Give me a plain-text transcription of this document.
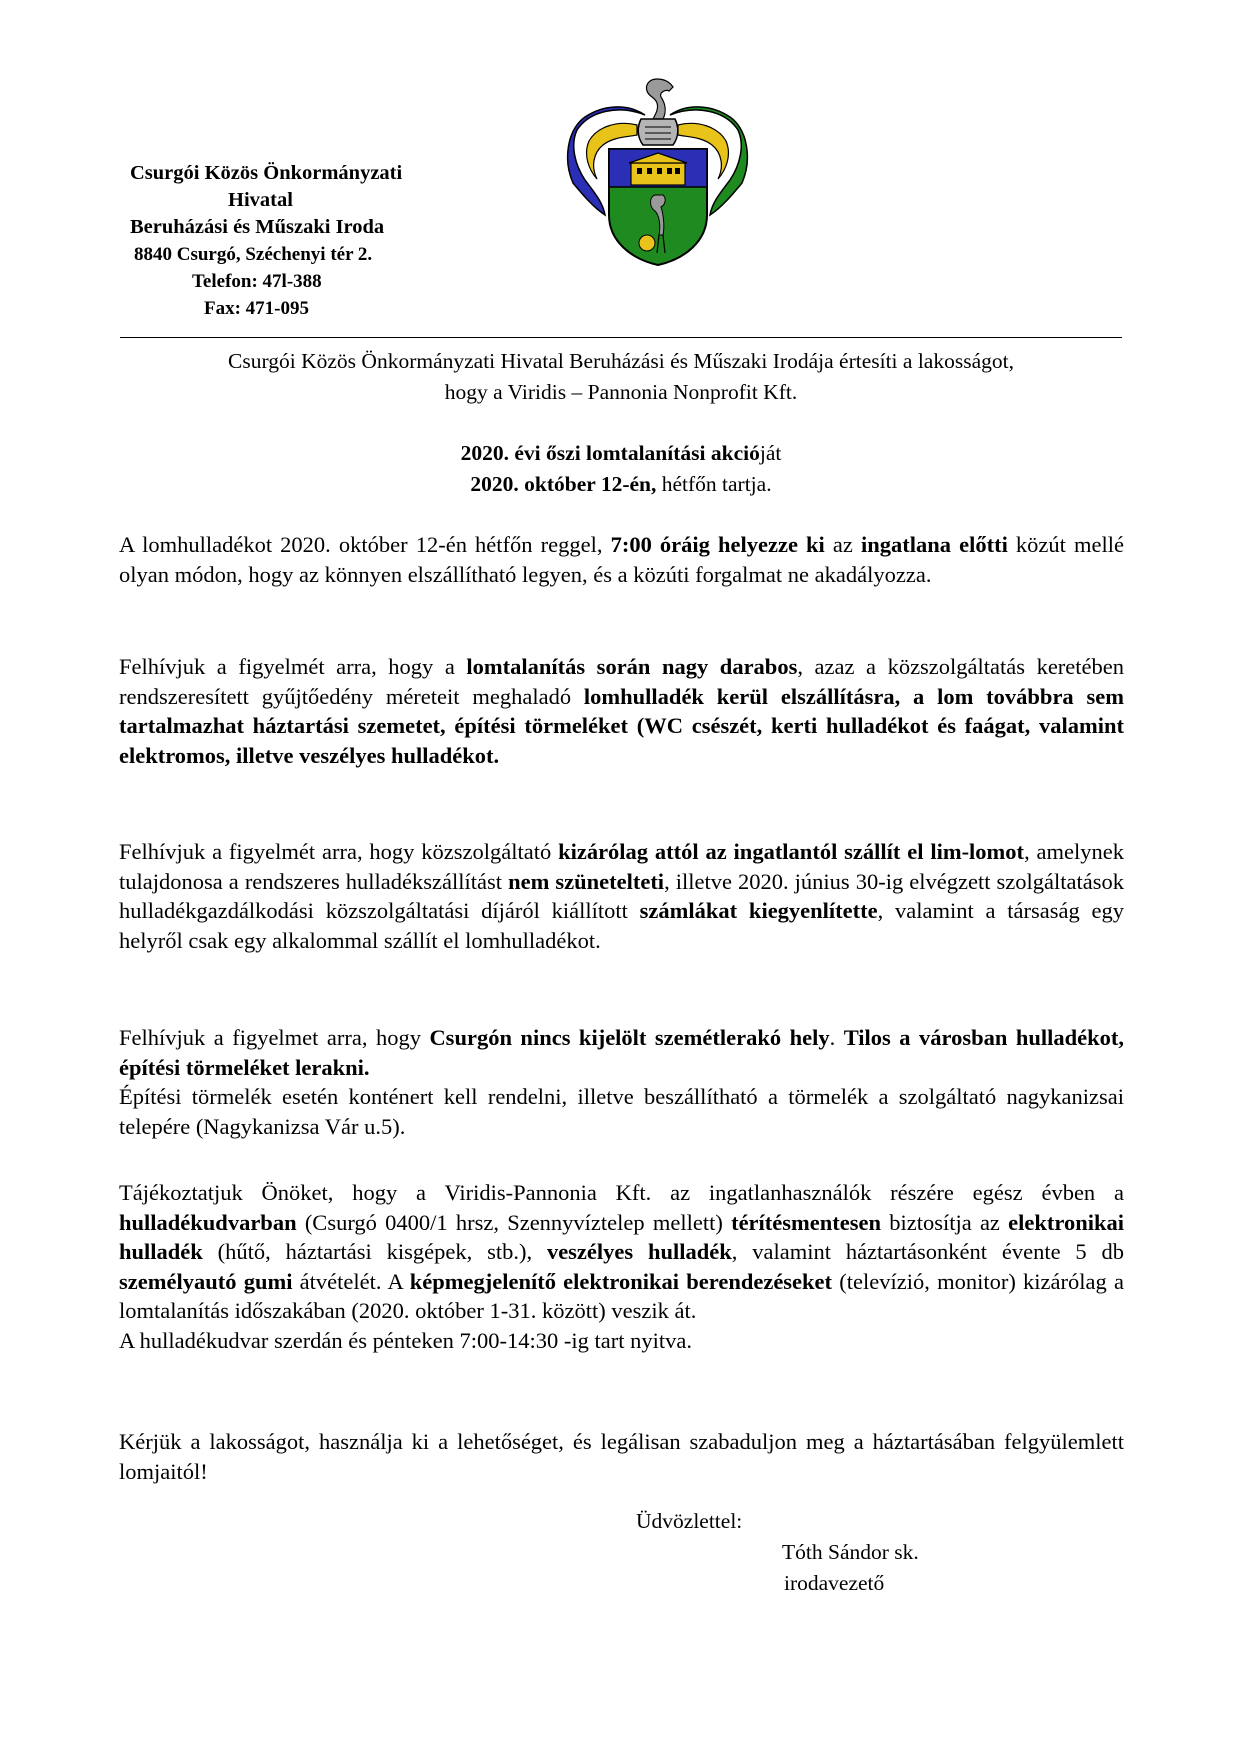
Csurgói Közös Önkormányzati
Hivatal
Beruházási és Műszaki Iroda
8840 Csurgó, Széchenyi tér 2.
Telefon: 47l-388
Fax: 471-095
Csurgói Közös Önkormányzati Hivatal Beruházási és Műszaki Irodája értesíti a lakosságot,
hogy a Viridis – Pannonia Nonprofit Kft.
2020. évi őszi lomtalanítási akcióját
2020. október 12-én, hétfőn tartja.
A lomhulladékot 2020. október 12-én hétfőn reggel, 7:00 óráig helyezze ki az ingatlana előtti közút mellé olyan módon, hogy az könnyen elszállítható legyen, és a közúti forgalmat ne akadályozza.
Felhívjuk a figyelmét arra, hogy a lomtalanítás során nagy darabos, azaz a közszolgáltatás keretében rendszeresített gyűjtőedény méreteit meghaladó lomhulladék kerül elszállításra, a lom továbbra sem tartalmazhat háztartási szemetet, építési törmeléket (WC csészét, kerti hulladékot és faágat, valamint elektromos, illetve veszélyes hulladékot.
Felhívjuk a figyelmét arra, hogy közszolgáltató kizárólag attól az ingatlantól szállít el lim-lomot, amelynek tulajdonosa a rendszeres hulladékszállítást nem szünetelteti, illetve 2020. június 30-ig elvégzett szolgáltatások hulladékgazdálkodási közszolgáltatási díjáról kiállított számlákat kiegyenlítette, valamint a társaság egy helyről csak egy alkalommal szállít el lomhulladékot.
Felhívjuk a figyelmet arra, hogy Csurgón nincs kijelölt szemétlerakó hely. Tilos a városban hulladékot, építési törmeléket lerakni.
Építési törmelék esetén konténert kell rendelni, illetve beszállítható a törmelék a szolgáltató nagykanizsai telepére (Nagykanizsa Vár u.5).
Tájékoztatjuk Önöket, hogy a Viridis-Pannonia Kft. az ingatlanhasználók részére egész évben a hulladékudvarban (Csurgó 0400/1 hrsz, Szennyvíztelep mellett) térítésmentesen biztosítja az elektronikai hulladék (hűtő, háztartási kisgépek, stb.), veszélyes hulladék, valamint háztartásonként évente 5 db személyautó gumi átvételét. A képmegjelenítő elektronikai berendezéseket (televízió, monitor) kizárólag a lomtalanítás időszakában (2020. október 1-31. között) veszik át.
A hulladékudvar szerdán és pénteken 7:00-14:30 -ig tart nyitva.
Kérjük a lakosságot, használja ki a lehetőséget, és legálisan szabaduljon meg a háztartásában felgyülemlett lomjaitól!
Üdvözlettel:
Tóth Sándor sk.
irodavezető
